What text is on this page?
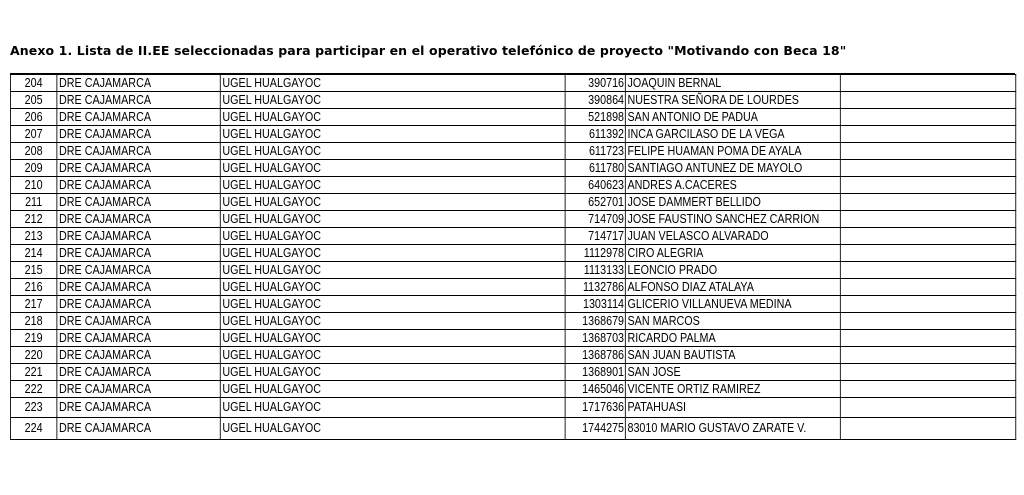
Anexo 1. Lista de II.EE seleccionadas para participar en el operativo telefónico de proyecto "Motivando con Beca 18"
204	DRE CAJAMARCA	UGEL HUALGAYOC	390716	JOAQUIN BERNAL	
205	DRE CAJAMARCA	UGEL HUALGAYOC	390864	NUESTRA SEÑORA DE LOURDES	
206	DRE CAJAMARCA	UGEL HUALGAYOC	521898	SAN ANTONIO DE PADUA	
207	DRE CAJAMARCA	UGEL HUALGAYOC	611392	INCA GARCILASO DE LA VEGA	
208	DRE CAJAMARCA	UGEL HUALGAYOC	611723	FELIPE HUAMAN POMA DE AYALA	
209	DRE CAJAMARCA	UGEL HUALGAYOC	611780	SANTIAGO ANTUNEZ DE MAYOLO	
210	DRE CAJAMARCA	UGEL HUALGAYOC	640623	ANDRES A.CACERES	
211	DRE CAJAMARCA	UGEL HUALGAYOC	652701	JOSE DAMMERT BELLIDO	
212	DRE CAJAMARCA	UGEL HUALGAYOC	714709	JOSE FAUSTINO SANCHEZ CARRION	
213	DRE CAJAMARCA	UGEL HUALGAYOC	714717	JUAN VELASCO ALVARADO	
214	DRE CAJAMARCA	UGEL HUALGAYOC	1112978	CIRO ALEGRIA	
215	DRE CAJAMARCA	UGEL HUALGAYOC	1113133	LEONCIO PRADO	
216	DRE CAJAMARCA	UGEL HUALGAYOC	1132786	ALFONSO DIAZ ATALAYA	
217	DRE CAJAMARCA	UGEL HUALGAYOC	1303114	GLICERIO VILLANUEVA MEDINA	
218	DRE CAJAMARCA	UGEL HUALGAYOC	1368679	SAN MARCOS	
219	DRE CAJAMARCA	UGEL HUALGAYOC	1368703	RICARDO PALMA	
220	DRE CAJAMARCA	UGEL HUALGAYOC	1368786	SAN JUAN BAUTISTA	
221	DRE CAJAMARCA	UGEL HUALGAYOC	1368901	SAN JOSE	
222	DRE CAJAMARCA	UGEL HUALGAYOC	1465046	VICENTE ORTIZ RAMIREZ	
223	DRE CAJAMARCA	UGEL HUALGAYOC	1717636	PATAHUASI	
224	DRE CAJAMARCA	UGEL HUALGAYOC	1744275	83010 MARIO GUSTAVO ZARATE V.	
